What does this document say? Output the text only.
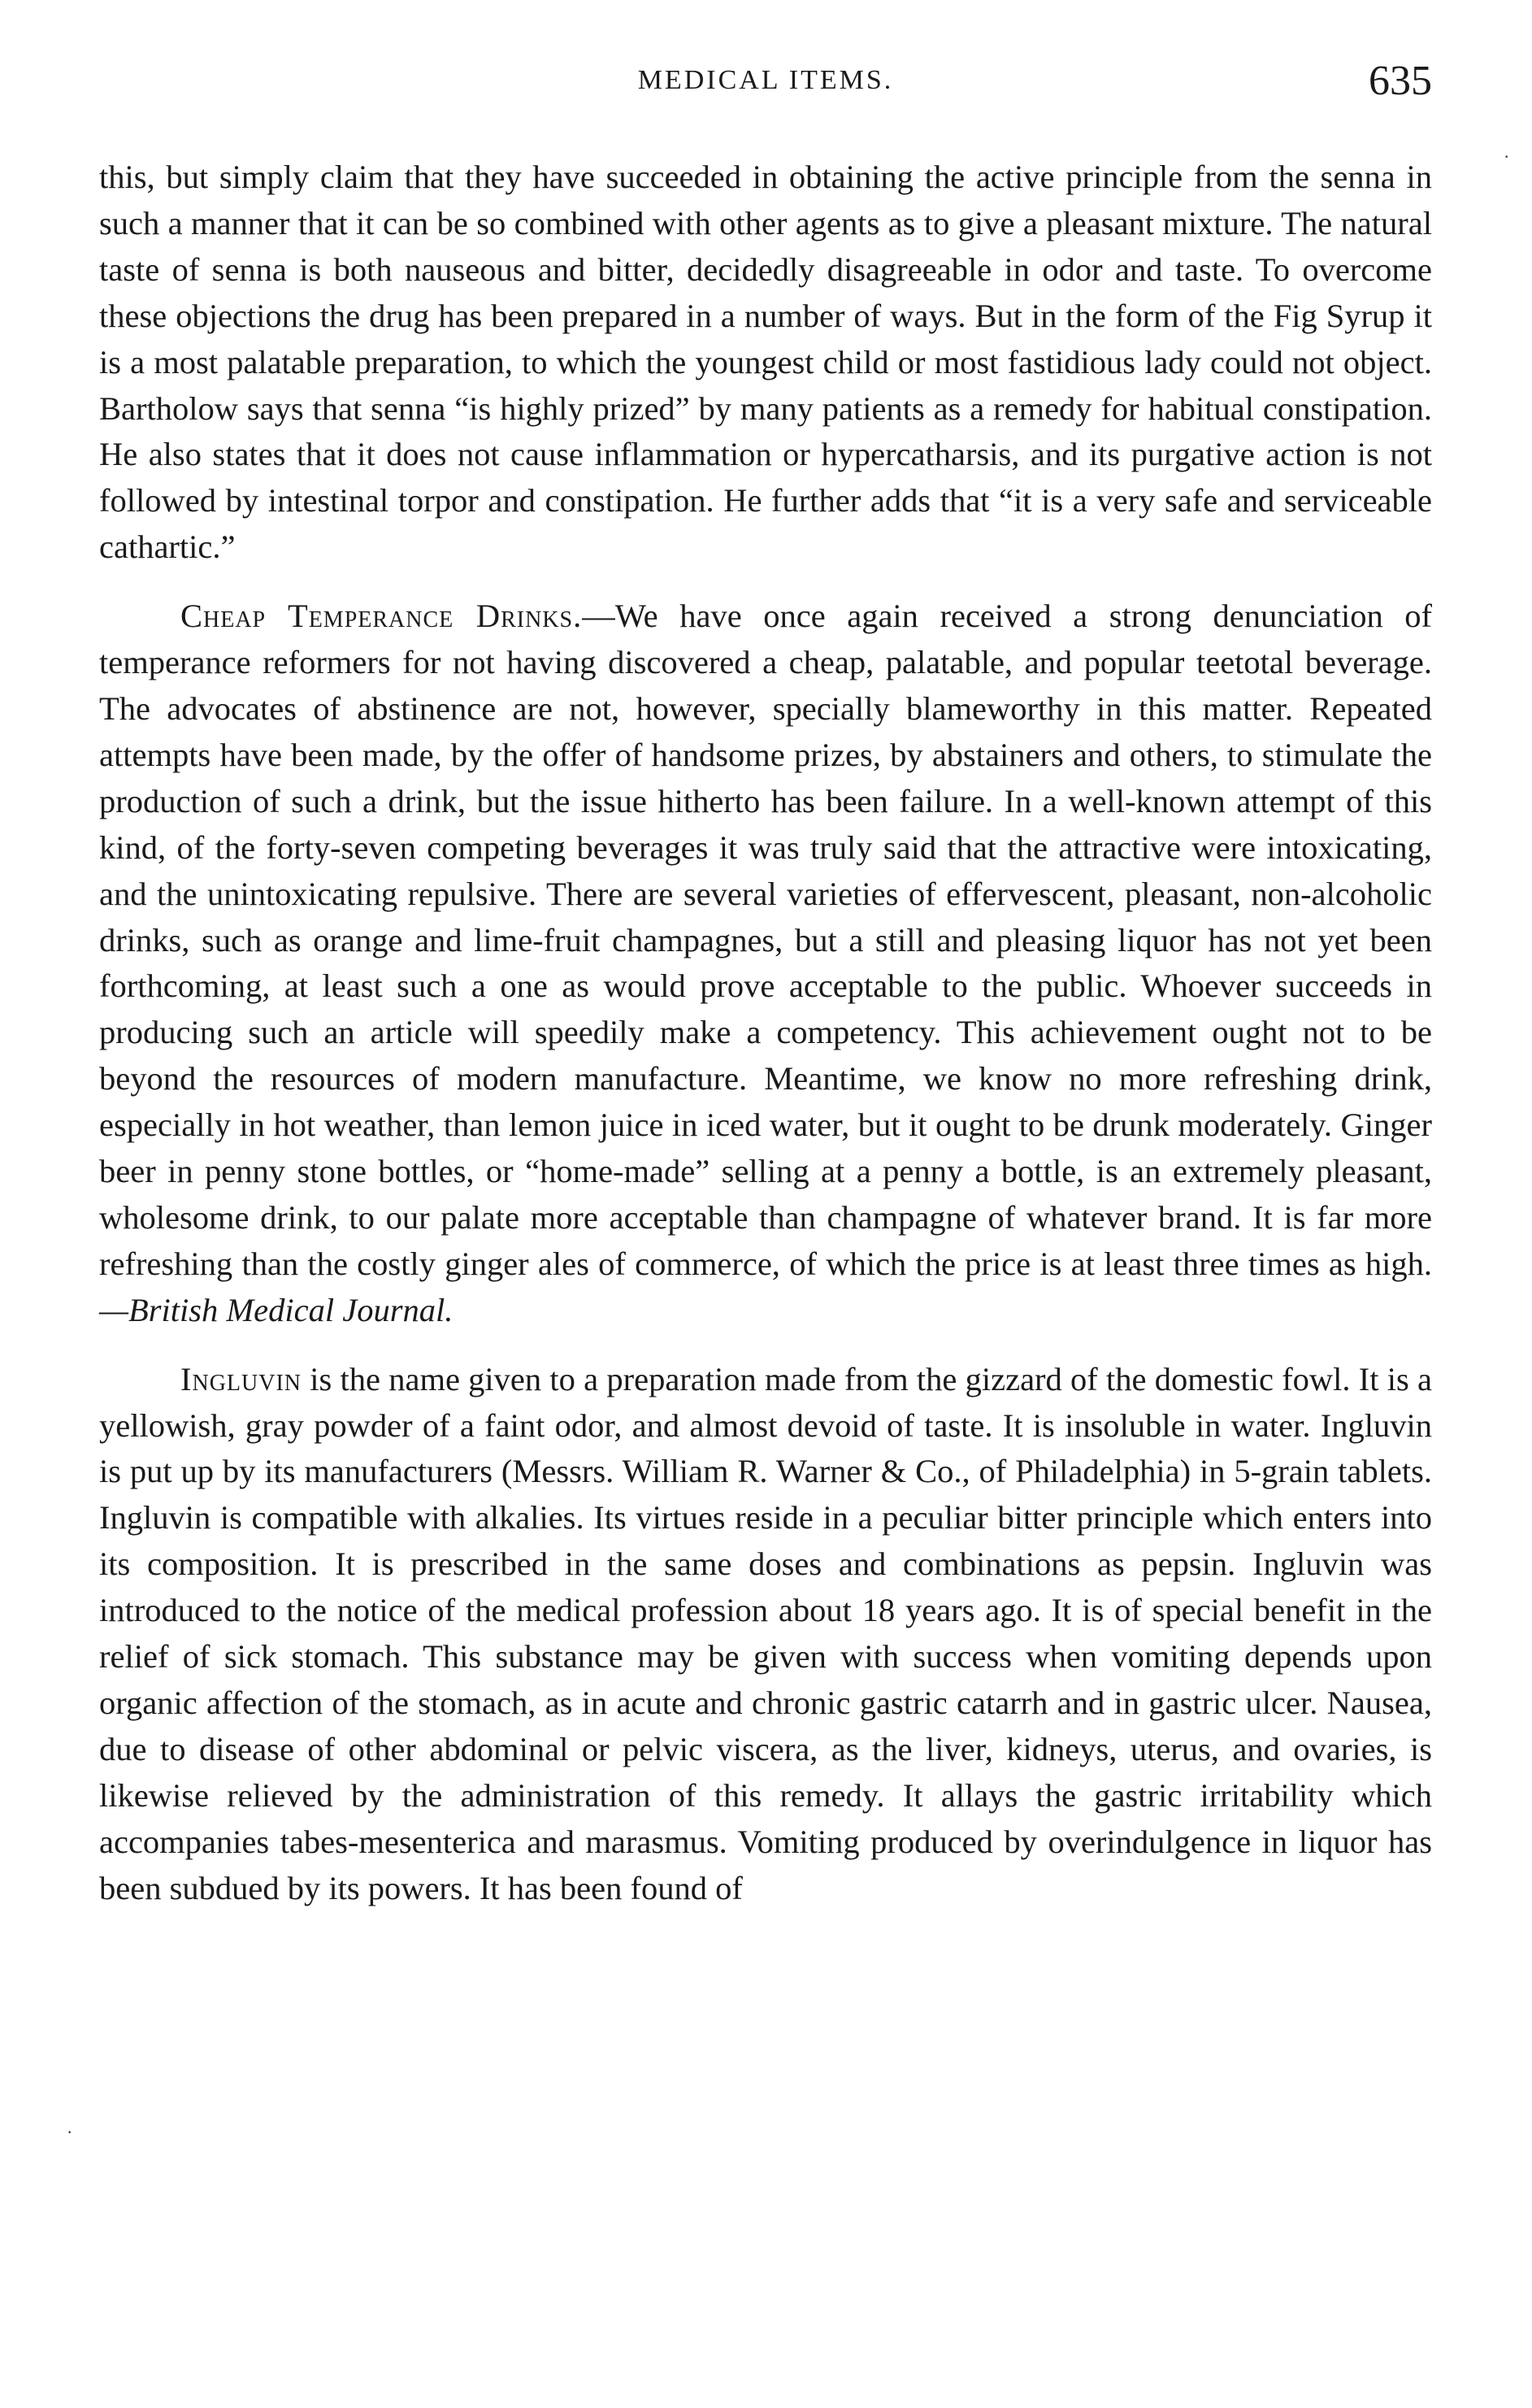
MEDICAL ITEMS.	635

this, but simply claim that they have succeeded in obtaining the active principle from the senna in such a manner that it can be so combined with other agents as to give a pleasant mixture. The natural taste of senna is both nauseous and bitter, decidedly disagreeable in odor and taste. To overcome these objections the drug has been prepared in a number of ways. But in the form of the Fig Syrup it is a most palatable preparation, to which the youngest child or most fastidious lady could not object. Bartholow says that senna “is highly prized” by many patients as a remedy for habitual constipation. He also states that it does not cause inflammation or hypercatharsis, and its purgative action is not followed by intestinal torpor and constipation. He further adds that “it is a very safe and serviceable cathartic.”

Cheap Temperance Drinks.—We have once again received a strong denunciation of temperance reformers for not having discovered a cheap, palatable, and popular teetotal beverage. The advocates of abstinence are not, however, specially blameworthy in this matter. Repeated attempts have been made, by the offer of handsome prizes, by abstainers and others, to stimulate the production of such a drink, but the issue hitherto has been failure. In a well-known attempt of this kind, of the forty-seven competing beverages it was truly said that the attractive were intoxicating, and the unintoxicating repulsive. There are several varieties of effervescent, pleasant, non-alcoholic drinks, such as orange and lime-fruit champagnes, but a still and pleasing liquor has not yet been forthcoming, at least such a one as would prove acceptable to the public. Whoever succeeds in producing such an article will speedily make a competency. This achievement ought not to be beyond the resources of modern manufacture. Meantime, we know no more refreshing drink, especially in hot weather, than lemon juice in iced water, but it ought to be drunk moderately. Ginger beer in penny stone bottles, or “home-made” selling at a penny a bottle, is an extremely pleasant, wholesome drink, to our palate more acceptable than champagne of whatever brand. It is far more refreshing than the costly ginger ales of commerce, of which the price is at least three times as high.—British Medical Journal.

Ingluvin is the name given to a preparation made from the gizzard of the domestic fowl. It is a yellowish, gray powder of a faint odor, and almost devoid of taste. It is insoluble in water. Ingluvin is put up by its manufacturers (Messrs. William R. Warner & Co., of Philadelphia) in 5-grain tablets. Ingluvin is compatible with alkalies. Its virtues reside in a peculiar bitter principle which enters into its composition. It is prescribed in the same doses and combinations as pepsin. Ingluvin was introduced to the notice of the medical profession about 18 years ago. It is of special benefit in the relief of sick stomach. This substance may be given with success when vomiting depends upon organic affection of the stomach, as in acute and chronic gastric catarrh and in gastric ulcer. Nausea, due to disease of other abdominal or pelvic viscera, as the liver, kidneys, uterus, and ovaries, is likewise relieved by the administration of this remedy. It allays the gastric irritability which accompanies tabes-mesenterica and marasmus. Vomiting produced by overindulgence in liquor has been subdued by its powers. It has been found of

·
·
